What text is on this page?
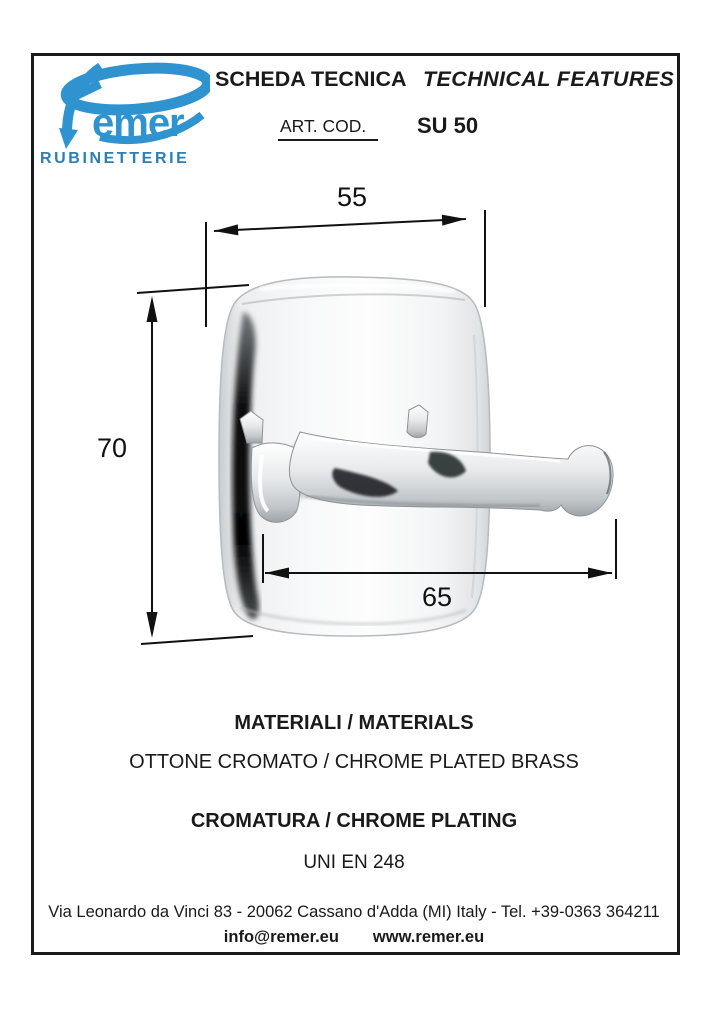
emer
RUBINETTERIE
SCHEDA TECNICA TECHNICAL FEATURES
ART. COD.	SU 50
55
70
65
MATERIALI / MATERIALS
OTTONE CROMATO / CHROME PLATED BRASS
CROMATURA / CHROME PLATING
UNI EN 248
Via Leonardo da Vinci 83 - 20062 Cassano d'Adda (MI) Italy - Tel. +39-0363 364211
info@remer.eu www.remer.eu
